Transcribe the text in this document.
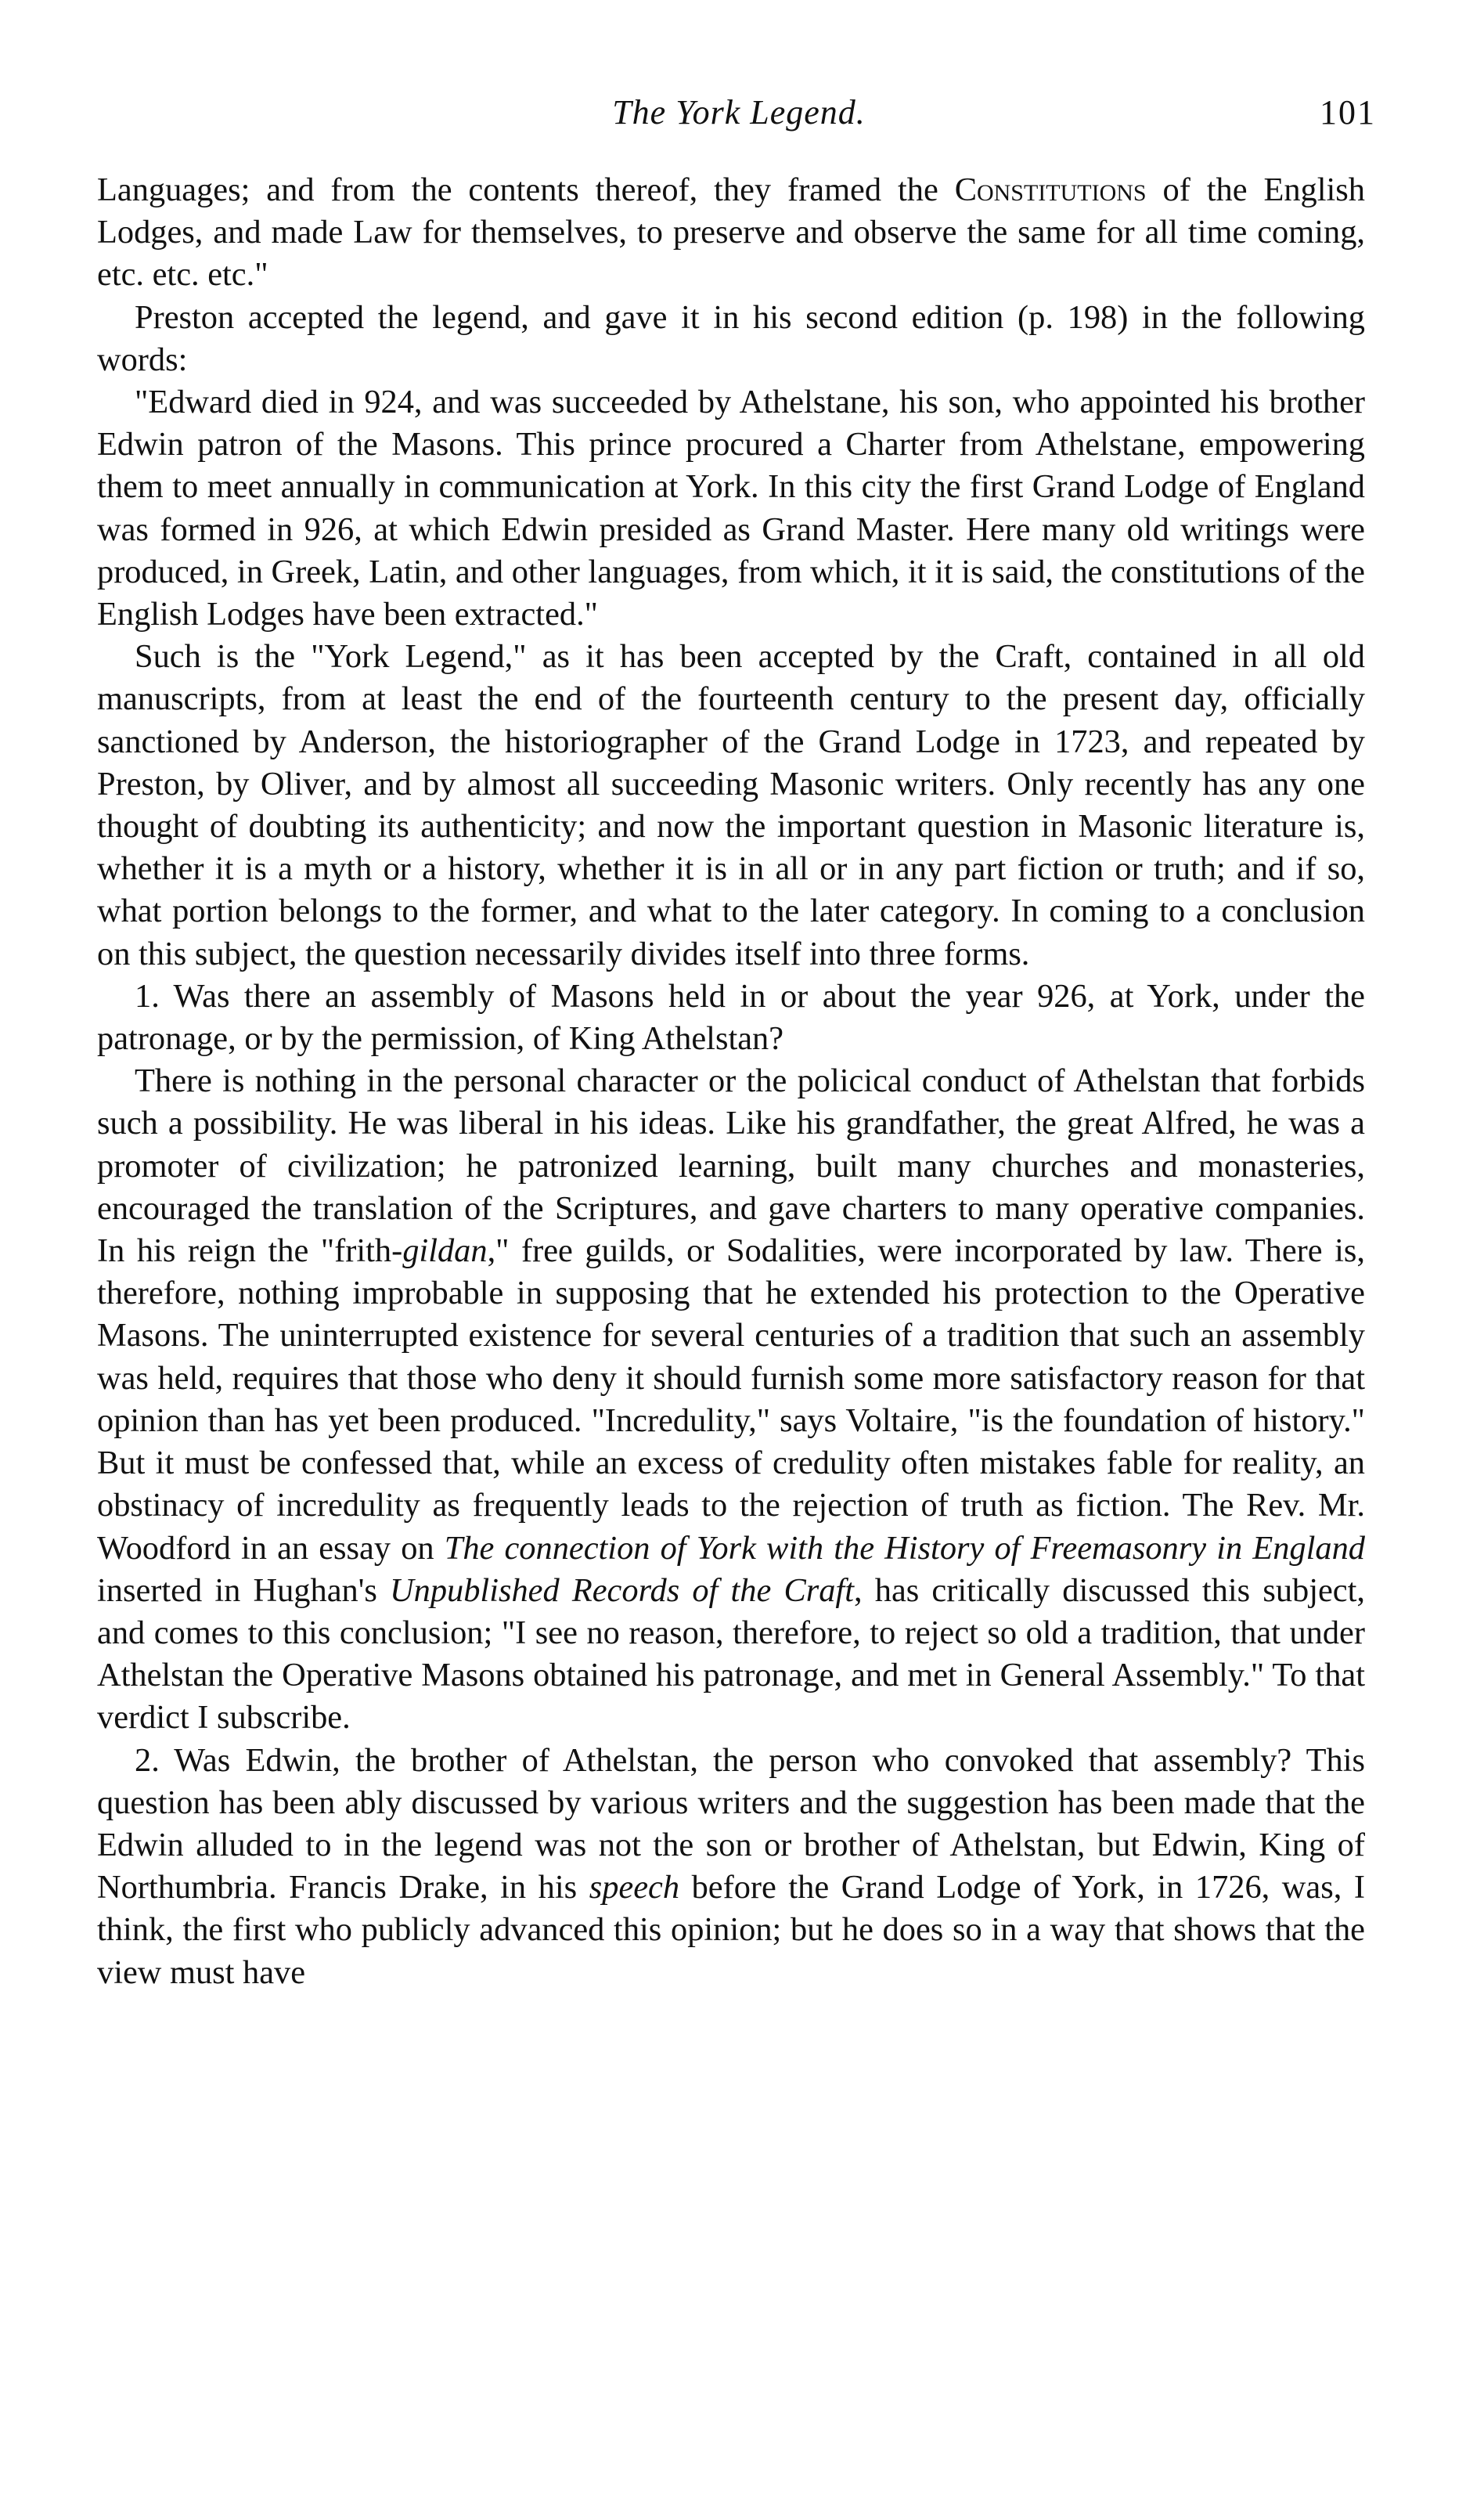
The York Legend.	101

Languages; and from the contents thereof, they framed the Constitutions of the English Lodges, and made Law for themselves, to preserve and observe the same for all time coming, etc. etc. etc."

Preston accepted the legend, and gave it in his second edition (p. 198) in the following words:

"Edward died in 924, and was succeeded by Athelstane, his son, who appointed his brother Edwin patron of the Masons. This prince procured a Charter from Athelstane, empowering them to meet annually in communication at York. In this city the first Grand Lodge of England was formed in 926, at which Edwin presided as Grand Master. Here many old writings were produced, in Greek, Latin, and other languages, from which, it it is said, the constitutions of the English Lodges have been extracted."

Such is the "York Legend," as it has been accepted by the Craft, contained in all old manuscripts, from at least the end of the fourteenth century to the present day, officially sanctioned by Anderson, the historiographer of the Grand Lodge in 1723, and repeated by Preston, by Oliver, and by almost all succeeding Masonic writers. Only recently has any one thought of doubting its authenticity; and now the important question in Masonic literature is, whether it is a myth or a history, whether it is in all or in any part fiction or truth; and if so, what portion belongs to the former, and what to the later category. In coming to a conclusion on this subject, the question necessarily divides itself into three forms.

1. Was there an assembly of Masons held in or about the year 926, at York, under the patronage, or by the permission, of King Athelstan?

There is nothing in the personal character or the policical conduct of Athelstan that forbids such a possibility. He was liberal in his ideas. Like his grandfather, the great Alfred, he was a promoter of civilization; he patronized learning, built many churches and monasteries, encouraged the translation of the Scriptures, and gave charters to many operative companies. In his reign the "frith-gildan," free guilds, or Sodalities, were incorporated by law. There is, therefore, nothing improbable in supposing that he extended his protection to the Operative Masons. The uninterrupted existence for several centuries of a tradition that such an assembly was held, requires that those who deny it should furnish some more satisfactory reason for that opinion than has yet been produced. "Incredulity," says Voltaire, "is the foundation of history." But it must be confessed that, while an excess of credulity often mistakes fable for reality, an obstinacy of incredulity as frequently leads to the rejection of truth as fiction. The Rev. Mr. Woodford in an essay on The connection of York with the History of Freemasonry in England inserted in Hughan's Unpublished Records of the Craft, has critically discussed this subject, and comes to this conclusion; "I see no reason, therefore, to reject so old a tradition, that under Athelstan the Operative Masons obtained his patronage, and met in General Assembly." To that verdict I subscribe.

2. Was Edwin, the brother of Athelstan, the person who convoked that assembly? This question has been ably discussed by various writers and the suggestion has been made that the Edwin alluded to in the legend was not the son or brother of Athelstan, but Edwin, King of Northumbria. Francis Drake, in his speech before the Grand Lodge of York, in 1726, was, I think, the first who publicly advanced this opinion; but he does so in a way that shows that the view must have
